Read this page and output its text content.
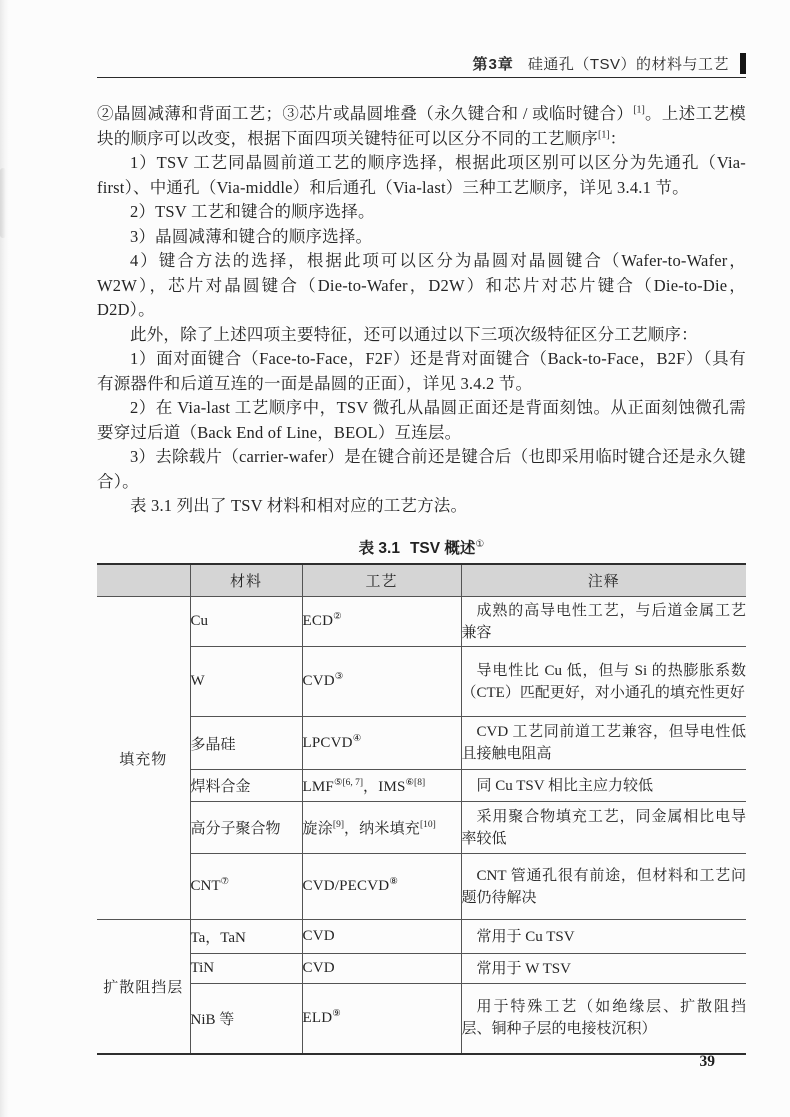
第3章 硅通孔（TSV）的材料与工艺

②晶圆减薄和背面工艺；③芯片或晶圆堆叠（永久键合和 / 或临时键合）[1]。上述工艺模块的顺序可以改变，根据下面四项关键特征可以区分不同的工艺顺序[1]：

1）TSV 工艺同晶圆前道工艺的顺序选择，根据此项区别可以区分为先通孔（Via-first）、中通孔（Via-middle）和后通孔（Via-last）三种工艺顺序，详见 3.4.1 节。

2）TSV 工艺和键合的顺序选择。

3）晶圆减薄和键合的顺序选择。

4）键合方法的选择，根据此项可以区分为晶圆对晶圆键合（Wafer-to-Wafer，W2W），芯片对晶圆键合（Die-to-Wafer，D2W）和芯片对芯片键合（Die-to-Die，D2D）。

此外，除了上述四项主要特征，还可以通过以下三项次级特征区分工艺顺序：

1）面对面键合（Face-to-Face，F2F）还是背对面键合（Back-to-Face，B2F）（具有有源器件和后道互连的一面是晶圆的正面），详见 3.4.2 节。

2）在 Via-last 工艺顺序中，TSV 微孔从晶圆正面还是背面刻蚀。从正面刻蚀微孔需要穿过后道（Back End of Line，BEOL）互连层。

3）去除载片（carrier-wafer）是在键合前还是键合后（也即采用临时键合还是永久键合）。

表 3.1 列出了 TSV 材料和相对应的工艺方法。

表 3.1 TSV 概述①
	材料	工艺	注释
填充物	Cu	ECD②	成熟的高导电性工艺，与后道金属工艺兼容
	W	CVD③	导电性比 Cu 低，但与 Si 的热膨胀系数（CTE）匹配更好，对小通孔的填充性更好
	多晶硅	LPCVD④	CVD 工艺同前道工艺兼容，但导电性低且接触电阻高
	焊料合金	LMF$^{⑤[6, 7]}$，IMS$^{⑥[8]}$	同 Cu TSV 相比主应力较低
	高分子聚合物	旋涂[9]，纳米填充[10]	采用聚合物填充工艺，同金属相比电导率较低
	CNT⑦	CVD/PECVD⑧	CNT 管通孔很有前途，但材料和工艺问题仍待解决
扩散阻挡层	Ta，TaN	CVD	常用于 Cu TSV
	TiN	CVD	常用于 W TSV
	NiB 等	ELD⑨	用于特殊工艺（如绝缘层、扩散阻挡层、铜种子层的电接枝沉积）
39
